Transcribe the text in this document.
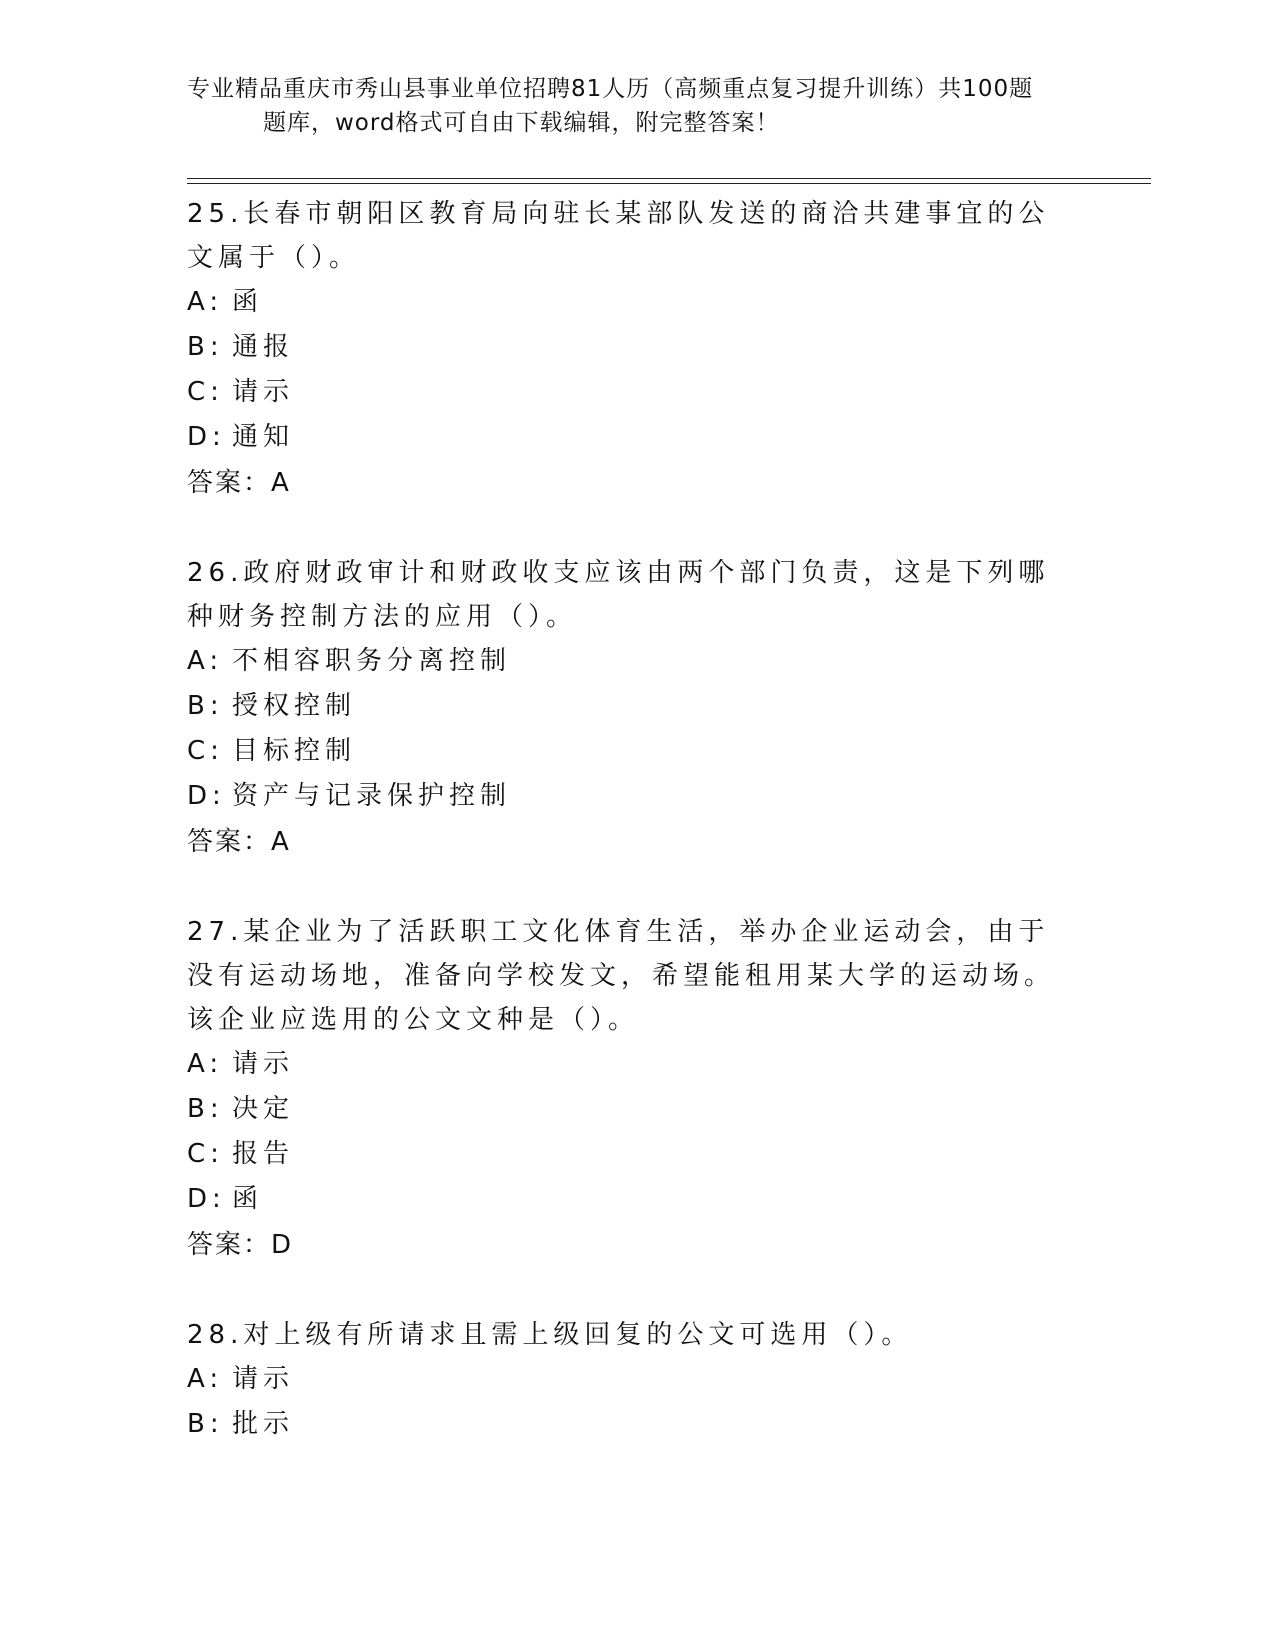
专业精品重庆市秀山县事业单位招聘81人历（高频重点复习提升训练）共100题
题库，word格式可自由下载编辑，附完整答案！

25.长春市朝阳区教育局向驻长某部队发送的商洽共建事宜的公文属于（）。

A: 函

B: 通报

C: 请示

D: 通知

答案：A

26.政府财政审计和财政收支应该由两个部门负责，这是下列哪种财务控制方法的应用（）。

A: 不相容职务分离控制

B: 授权控制

C: 目标控制

D: 资产与记录保护控制

答案：A

27.某企业为了活跃职工文化体育生活，举办企业运动会，由于没有运动场地，准备向学校发文，希望能租用某大学的运动场。该企业应选用的公文文种是（）。

A: 请示

B: 决定

C: 报告

D: 函

答案：D

28.对上级有所请求且需上级回复的公文可选用（）。

A: 请示

B: 批示
